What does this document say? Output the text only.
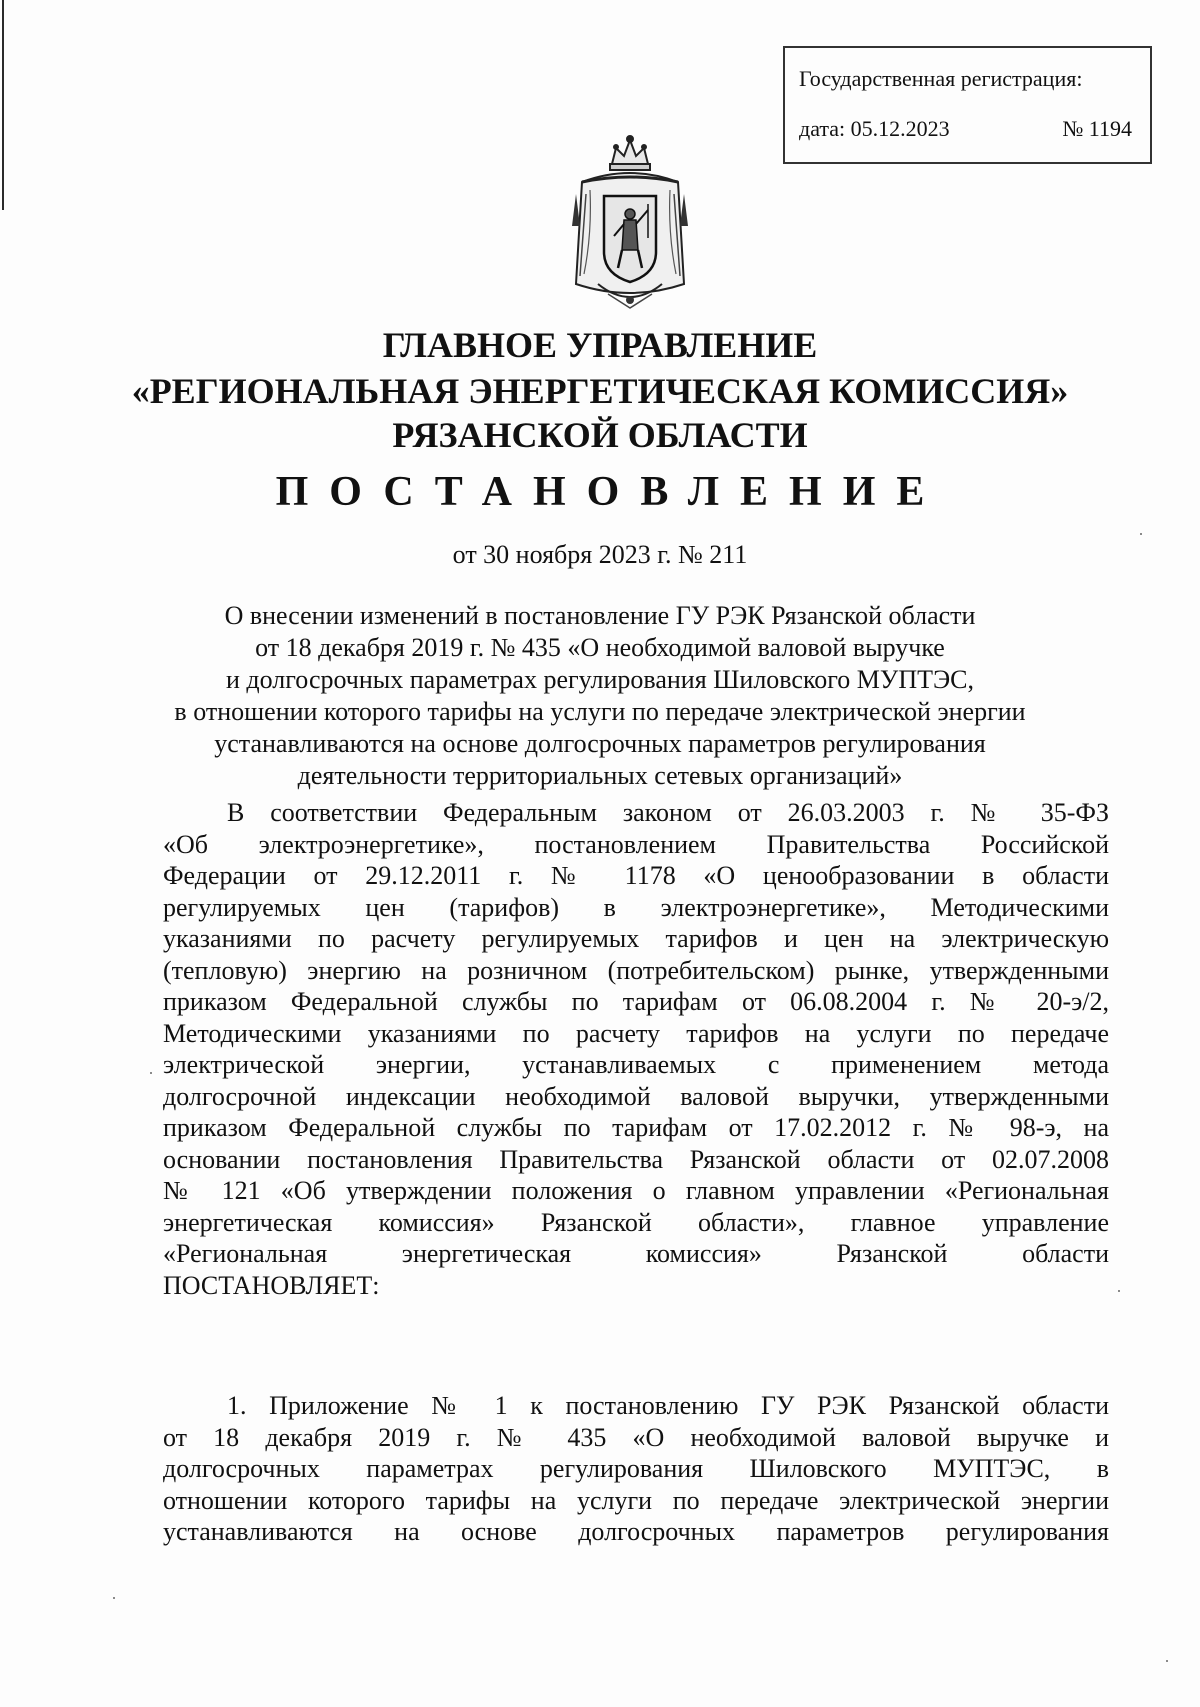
Государственная регистрация:
дата: 05.12.2023	№ 1194
ГЛАВНОЕ УПРАВЛЕНИЕ
«РЕГИОНАЛЬНАЯ ЭНЕРГЕТИЧЕСКАЯ КОМИССИЯ»
РЯЗАНСКОЙ ОБЛАСТИ
ПОСТАНОВЛЕНИЕ
от 30 ноября 2023 г. № 211
О внесении изменений в постановление ГУ РЭК Рязанской области
от 18 декабря 2019 г. № 435 «О необходимой валовой выручке
и долгосрочных параметрах регулирования Шиловского МУПТЭС,
в отношении которого тарифы на услуги по передаче электрической энергии
устанавливаются на основе долгосрочных параметров регулирования
деятельности территориальных сетевых организаций»
В соответствии Федеральным законом от 26.03.2003 г. № 35-ФЗ
«Об электроэнергетике», постановлением Правительства Российской
Федерации от 29.12.2011 г. № 1178 «О ценообразовании в области
регулируемых цен (тарифов) в электроэнергетике», Методическими
указаниями по расчету регулируемых тарифов и цен на электрическую
(тепловую) энергию на розничном (потребительском) рынке, утвержденными
приказом Федеральной службы по тарифам от 06.08.2004 г. № 20-э/2,
Методическими указаниями по расчету тарифов на услуги по передаче
электрической энергии, устанавливаемых с применением метода
долгосрочной индексации необходимой валовой выручки, утвержденными
приказом Федеральной службы по тарифам от 17.02.2012 г. № 98-э, на
основании постановления Правительства Рязанской области от 02.07.2008
№ 121 «Об утверждении положения о главном управлении «Региональная
энергетическая комиссия» Рязанской области», главное управление
«Региональная энергетическая комиссия» Рязанской области
ПОСТАНОВЛЯЕТ:
1. Приложение № 1 к постановлению ГУ РЭК Рязанской области
от 18 декабря 2019 г. № 435 «О необходимой валовой выручке и
долгосрочных параметрах регулирования Шиловского МУПТЭС, в
отношении которого тарифы на услуги по передаче электрической энергии
устанавливаются на основе долгосрочных параметров регулирования
